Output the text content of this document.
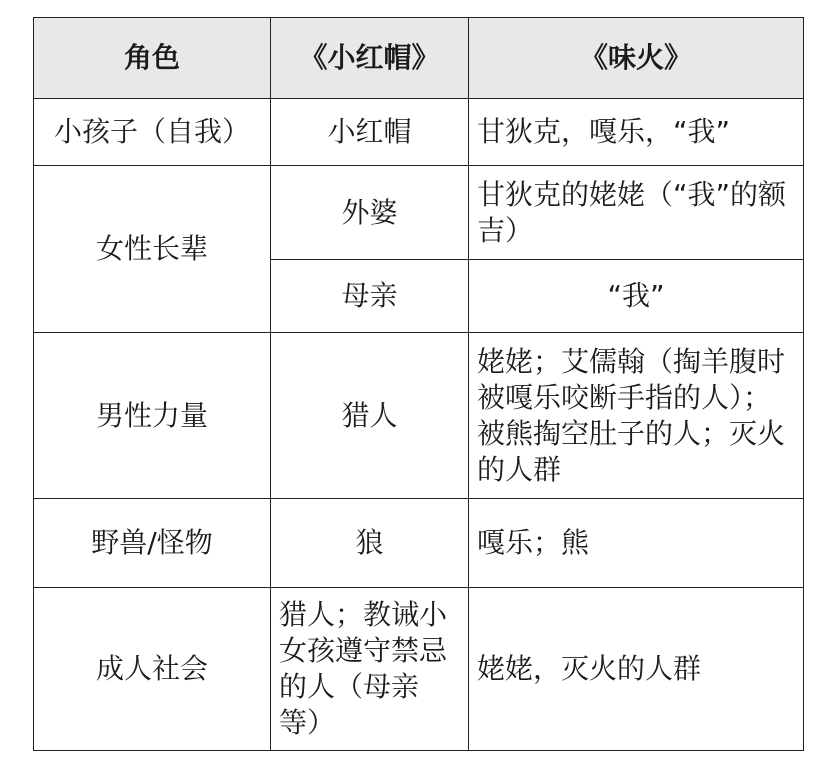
角色	《小红帽》	《味火》
小孩子（自我）	小红帽	甘狄克，嘎乐，“我”
女性长辈	外婆	甘狄克的姥姥（“我”的额吉）
	母亲	“我”
男性力量	猎人	姥姥；艾儒翰（掏羊腹时被嘎乐咬断手指的人）；被熊掏空肚子的人；灭火的人群
野兽/怪物	狼	嘎乐；熊
成人社会	猎人；教诫小女孩遵守禁忌的人（母亲等）	姥姥，灭火的人群
